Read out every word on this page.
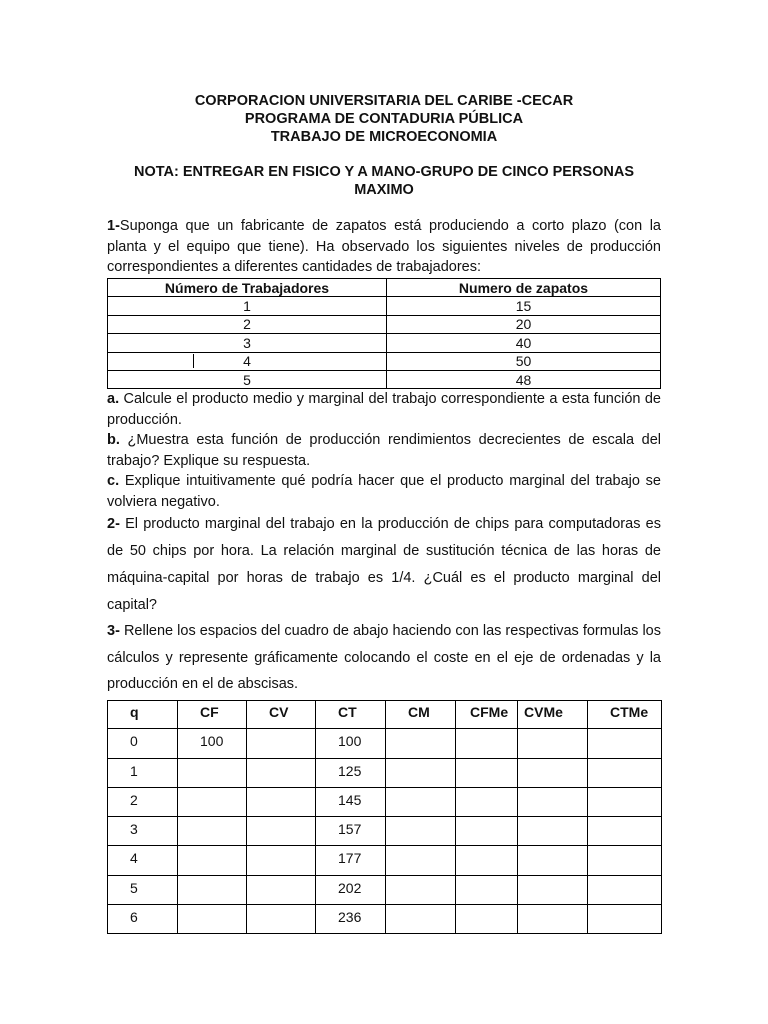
CORPORACION UNIVERSITARIA DEL CARIBE -CECAR
PROGRAMA DE CONTADURIA PÚBLICA
TRABAJO DE MICROECONOMIA
NOTA: ENTREGAR EN FISICO Y A MANO-GRUPO DE CINCO PERSONAS
MAXIMO
1-Suponga que un fabricante de zapatos está produciendo a corto plazo (con la planta y el equipo que tiene). Ha observado los siguientes niveles de producción correspondientes a diferentes cantidades de trabajadores:
Número de Trabajadores	Numero de zapatos
1	15
2	20
3	40
4	50
5	48
a. Calcule el producto medio y marginal del trabajo correspondiente a esta función de producción.
b. ¿Muestra esta función de producción rendimientos decrecientes de escala del trabajo? Explique su respuesta.
c. Explique intuitivamente qué podría hacer que el producto marginal del trabajo se volviera negativo.
2- El producto marginal del trabajo en la producción de chips para computadoras es de 50 chips por hora. La relación marginal de sustitución técnica de las horas de máquina-capital por horas de trabajo es 1/4. ¿Cuál es el producto marginal del capital?
3- Rellene los espacios del cuadro de abajo haciendo con las respectivas formulas los cálculos y represente gráficamente colocando el coste en el eje de ordenadas y la producción en el de abscisas.
q	CF	CV	CT	CM	CFMe	CVMe	CTMe
0	100		100				
1			125				
2			145				
3			157				
4			177				
5			202				
6			236				
